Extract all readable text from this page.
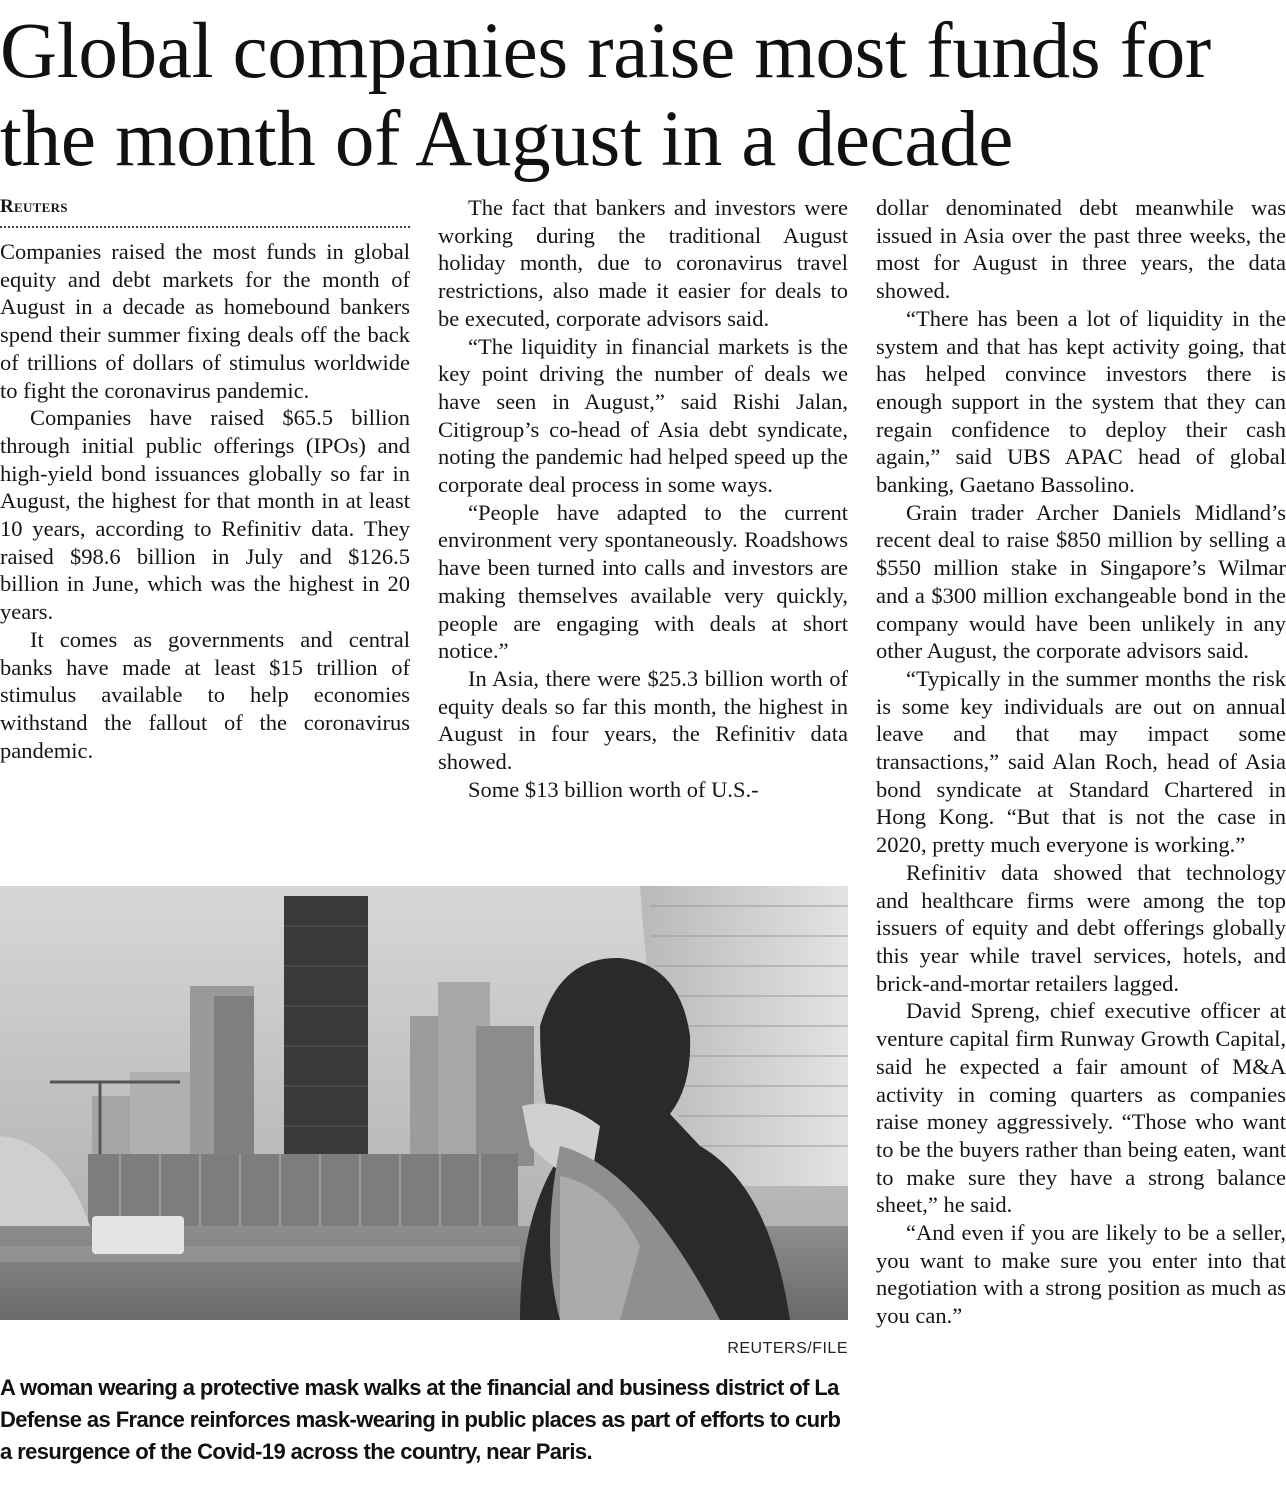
Global companies raise most funds for the month of August in a decade
Reuters

Companies raised the most funds in global equity and debt markets for the month of August in a decade as homebound bankers spend their summer fixing deals off the back of trillions of dollars of stimulus worldwide to fight the coronavirus pandemic.

Companies have raised $65.5 billion through initial public offerings (IPOs) and high-yield bond issuances globally so far in August, the highest for that month in at least 10 years, according to Refinitiv data. They raised $98.6 billion in July and $126.5 billion in June, which was the highest in 20 years.

It comes as governments and central banks have made at least $15 trillion of stimulus available to help economies withstand the fallout of the coronavirus pandemic.

The fact that bankers and investors were working during the traditional August holiday month, due to coronavirus travel restrictions, also made it easier for deals to be executed, corporate advisors said.

“The liquidity in financial markets is the key point driving the number of deals we have seen in August,” said Rishi Jalan, Citigroup’s co-head of Asia debt syndicate, noting the pandemic had helped speed up the corporate deal process in some ways.

“People have adapted to the current environment very spontaneously. Roadshows have been turned into calls and investors are making themselves available very quickly, people are engaging with deals at short notice.”

In Asia, there were $25.3 billion worth of equity deals so far this month, the highest in August in four years, the Refinitiv data showed.

Some $13 billion worth of U.S.-

dollar denominated debt meanwhile was issued in Asia over the past three weeks, the most for August in three years, the data showed.

“There has been a lot of liquidity in the system and that has kept activity going, that has helped convince investors there is enough support in the system that they can regain confidence to deploy their cash again,” said UBS APAC head of global banking, Gaetano Bassolino.

Grain trader Archer Daniels Midland’s recent deal to raise $850 million by selling a $550 million stake in Singapore’s Wilmar and a $300 million exchangeable bond in the company would have been unlikely in any other August, the corporate advisors said.

“Typically in the summer months the risk is some key individuals are out on annual leave and that may impact some transactions,” said Alan Roch, head of Asia bond syndicate at Standard Chartered in Hong Kong. “But that is not the case in 2020, pretty much everyone is working.”

Refinitiv data showed that technology and healthcare firms were among the top issuers of equity and debt offerings globally this year while travel services, hotels, and brick-and-mortar retailers lagged.

David Spreng, chief executive officer at venture capital firm Runway Growth Capital, said he expected a fair amount of M&A activity in coming quarters as companies raise money aggressively. “Those who want to be the buyers rather than being eaten, want to make sure they have a strong balance sheet,” he said.

“And even if you are likely to be a seller, you want to make sure you enter into that negotiation with a strong position as much as you can.”

REUTERS/FILE

A woman wearing a protective mask walks at the financial and business district of La Defense as France reinforces mask-wearing in public places as part of efforts to curb a resurgence of the Covid-19 across the country, near Paris.
